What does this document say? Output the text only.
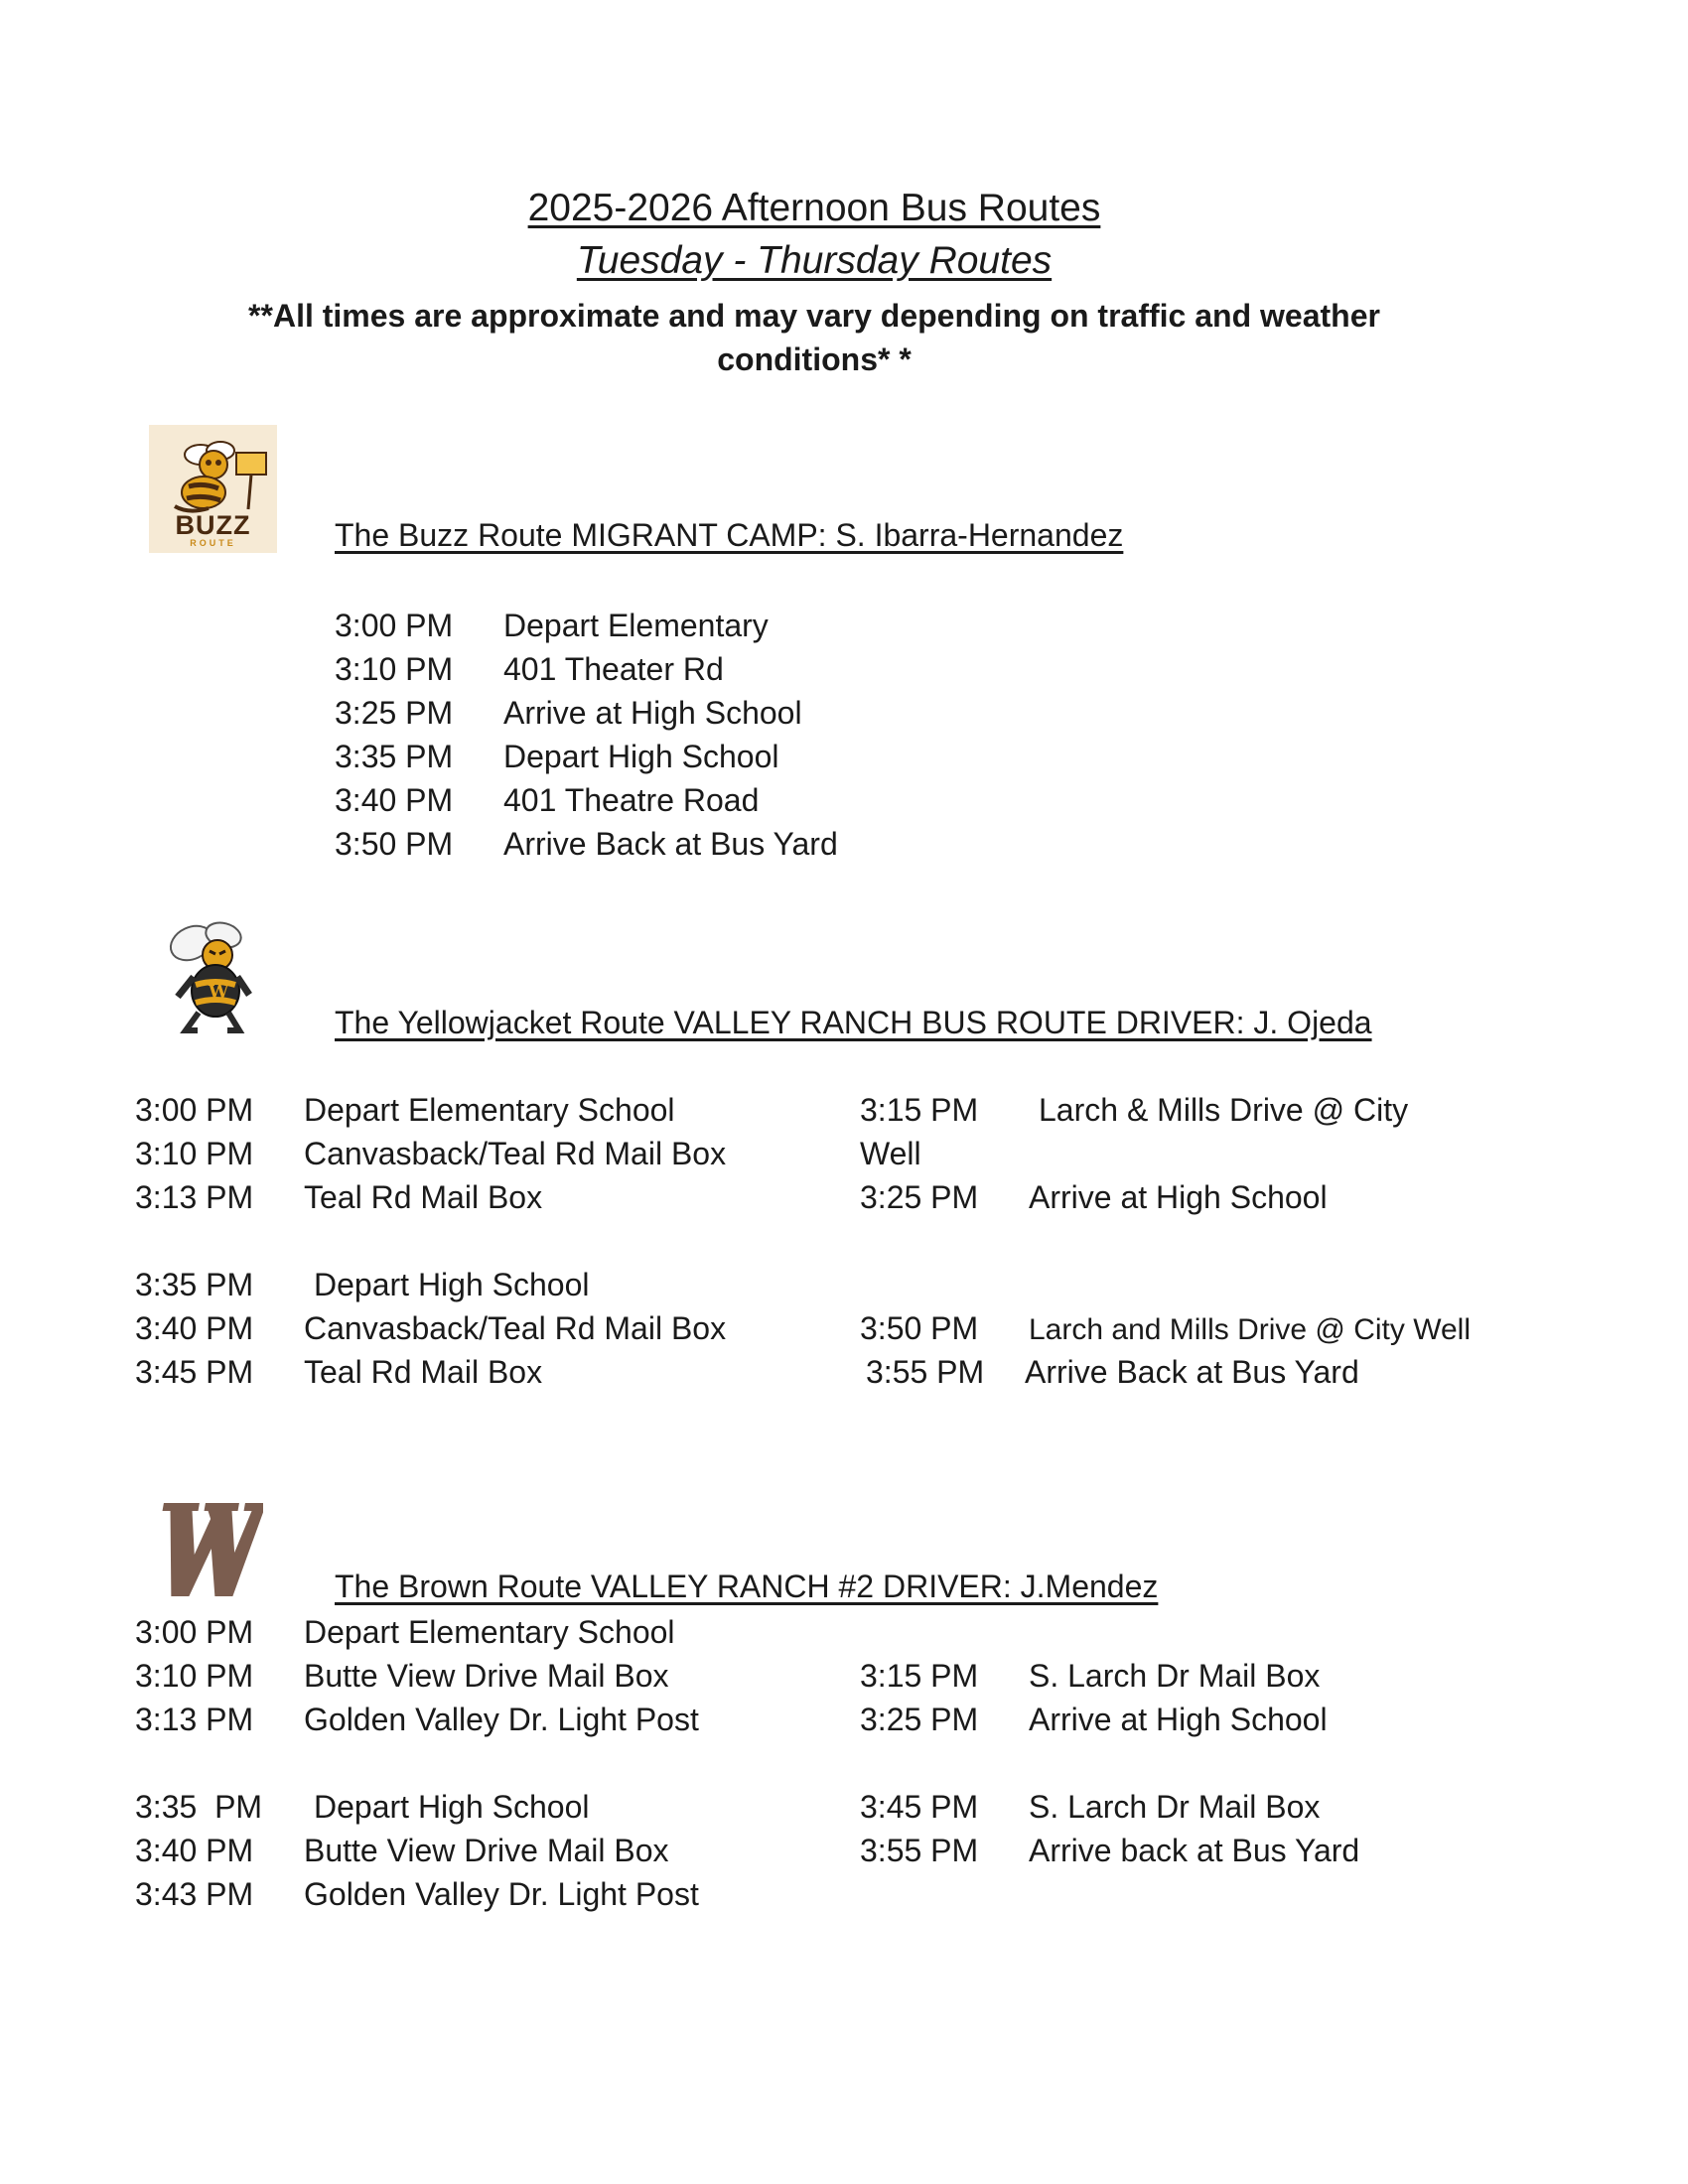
2025-2026 Afternoon Bus Routes
Tuesday - Thursday Routes
**All times are approximate and may vary depending on traffic and weather
conditions* *
BUZZ
ROUTE	The Buzz Route MIGRANT CAMP: S. Ibarra-Hernandez
3:00 PM Depart Elementary
3:10 PM 401 Theater Rd
3:25 PM Arrive at High School
3:35 PM Depart High School
3:40 PM 401 Theatre Road
3:50 PM Arrive Back at Bus Yard
W
The Yellowjacket Route VALLEY RANCH BUS ROUTE DRIVER: J. Ojeda
3:00 PM Depart Elementary School
3:10 PM Canvasback/Teal Rd Mail Box
3:13 PM Teal Rd Mail Box
3:35 PM Depart High School
3:40 PM Canvasback/Teal Rd Mail Box
3:45 PM Teal Rd Mail Box
3:15 PM Larch & Mills Drive @ City
Well
3:25 PM Arrive at High School
3:50 PM Larch and Mills Drive @ City Well
3:55 PM Arrive Back at Bus Yard
The Brown Route VALLEY RANCH #2 DRIVER: J.Mendez
3:00 PM Depart Elementary School
3:10 PM Butte View Drive Mail Box
3:13 PM Golden Valley Dr. Light Post
3:35  PM Depart High School
3:40 PM Butte View Drive Mail Box
3:43 PM Golden Valley Dr. Light Post
3:15 PM S. Larch Dr Mail Box
3:25 PM Arrive at High School
3:45 PM S. Larch Dr Mail Box
3:55 PM Arrive back at Bus Yard
